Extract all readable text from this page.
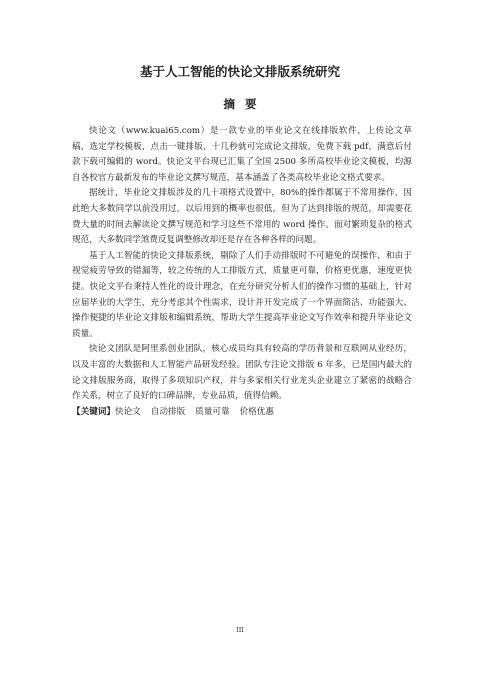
基于人工智能的快论文排版系统研究
摘要

快论文（www.kuai65.com）是一款专业的毕业论文在线排版软件，上传论文草稿，选定学校模板，点击一键排版，十几秒就可完成论文排版，免费下载 pdf，满意后付款下载可编辑的 word。快论文平台现已汇集了全国 2500 多所高校毕业论文模板，均源自各校官方最新发布的毕业论文撰写规范，基本涵盖了各类高校毕业论文格式要求。

据统计，毕业论文排版涉及的几十项格式设置中，80%的操作都属于不常用操作，因此绝大多数同学以前没用过，以后用到的概率也很低，但为了达到排版的规范，却需要花费大量的时间去解读论文撰写规范和学习这些不常用的 word 操作。面对繁琐复杂的格式规范，大多数同学煞费反复调整修改却还是存在各种各样的问题。

基于人工智能的快论文排版系统，剔除了人们手动排版时不可避免的误操作，和由于视觉疲劳导致的错漏等，较之传统的人工排版方式，质量更可靠，价格更优惠，速度更快捷。快论文平台秉持人性化的设计理念，在充分研究分析人们的操作习惯的基础上，针对应届毕业的大学生，充分考虑其个性需求，设计并开发完成了一个界面简洁、功能强大、操作便捷的毕业论文排版和编辑系统，帮助大学生提高毕业论文写作效率和提升毕业论文质量。

快论文团队是阿里系创业团队，核心成员均具有较高的学历背景和互联网从业经历，以及丰富的大数据和人工智能产品研发经验。团队专注论文排版 6 年多，已是国内最大的论文排版服务商，取得了多项知识产权，并与多家相关行业龙头企业建立了紧密的战略合作关系，树立了良好的口碑品牌，专业品质，值得信赖。

【关键词】快论文 自动排版 质量可靠 价格优惠
III
